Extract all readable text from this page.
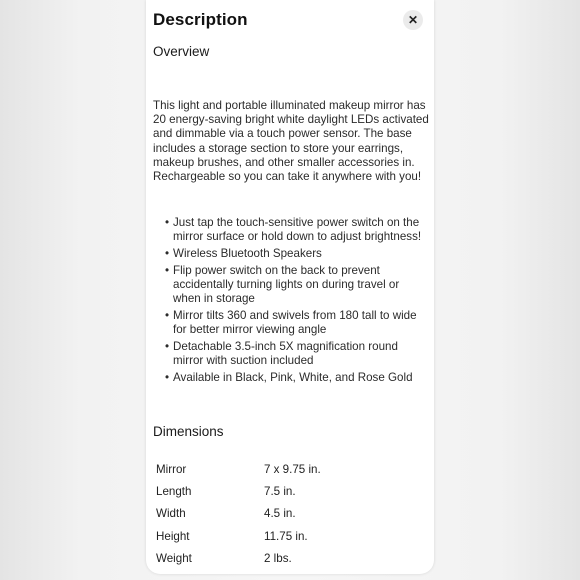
Description	✕
Overview

This light and portable illuminated makeup mirror has 20 energy-saving bright white daylight LEDs activated and dimmable via a touch power sensor. The base includes a storage section to store your earrings, makeup brushes, and other smaller accessories in. Rechargeable so you can take it anywhere with you!

• Just tap the touch-sensitive power switch on the mirror surface or hold down to adjust brightness!
• Wireless Bluetooth Speakers
• Flip power switch on the back to prevent accidentally turning lights on during travel or when in storage
• Mirror tilts 360 and swivels from 180 tall to wide for better mirror viewing angle
• Detachable 3.5-inch 5X magnification round mirror with suction included
• Available in Black, Pink, White, and Rose Gold
Dimensions
Mirror	7 x 9.75 in.
Length	7.5 in.
Width	4.5 in.
Height	11.75 in.
Weight	2 lbs.
